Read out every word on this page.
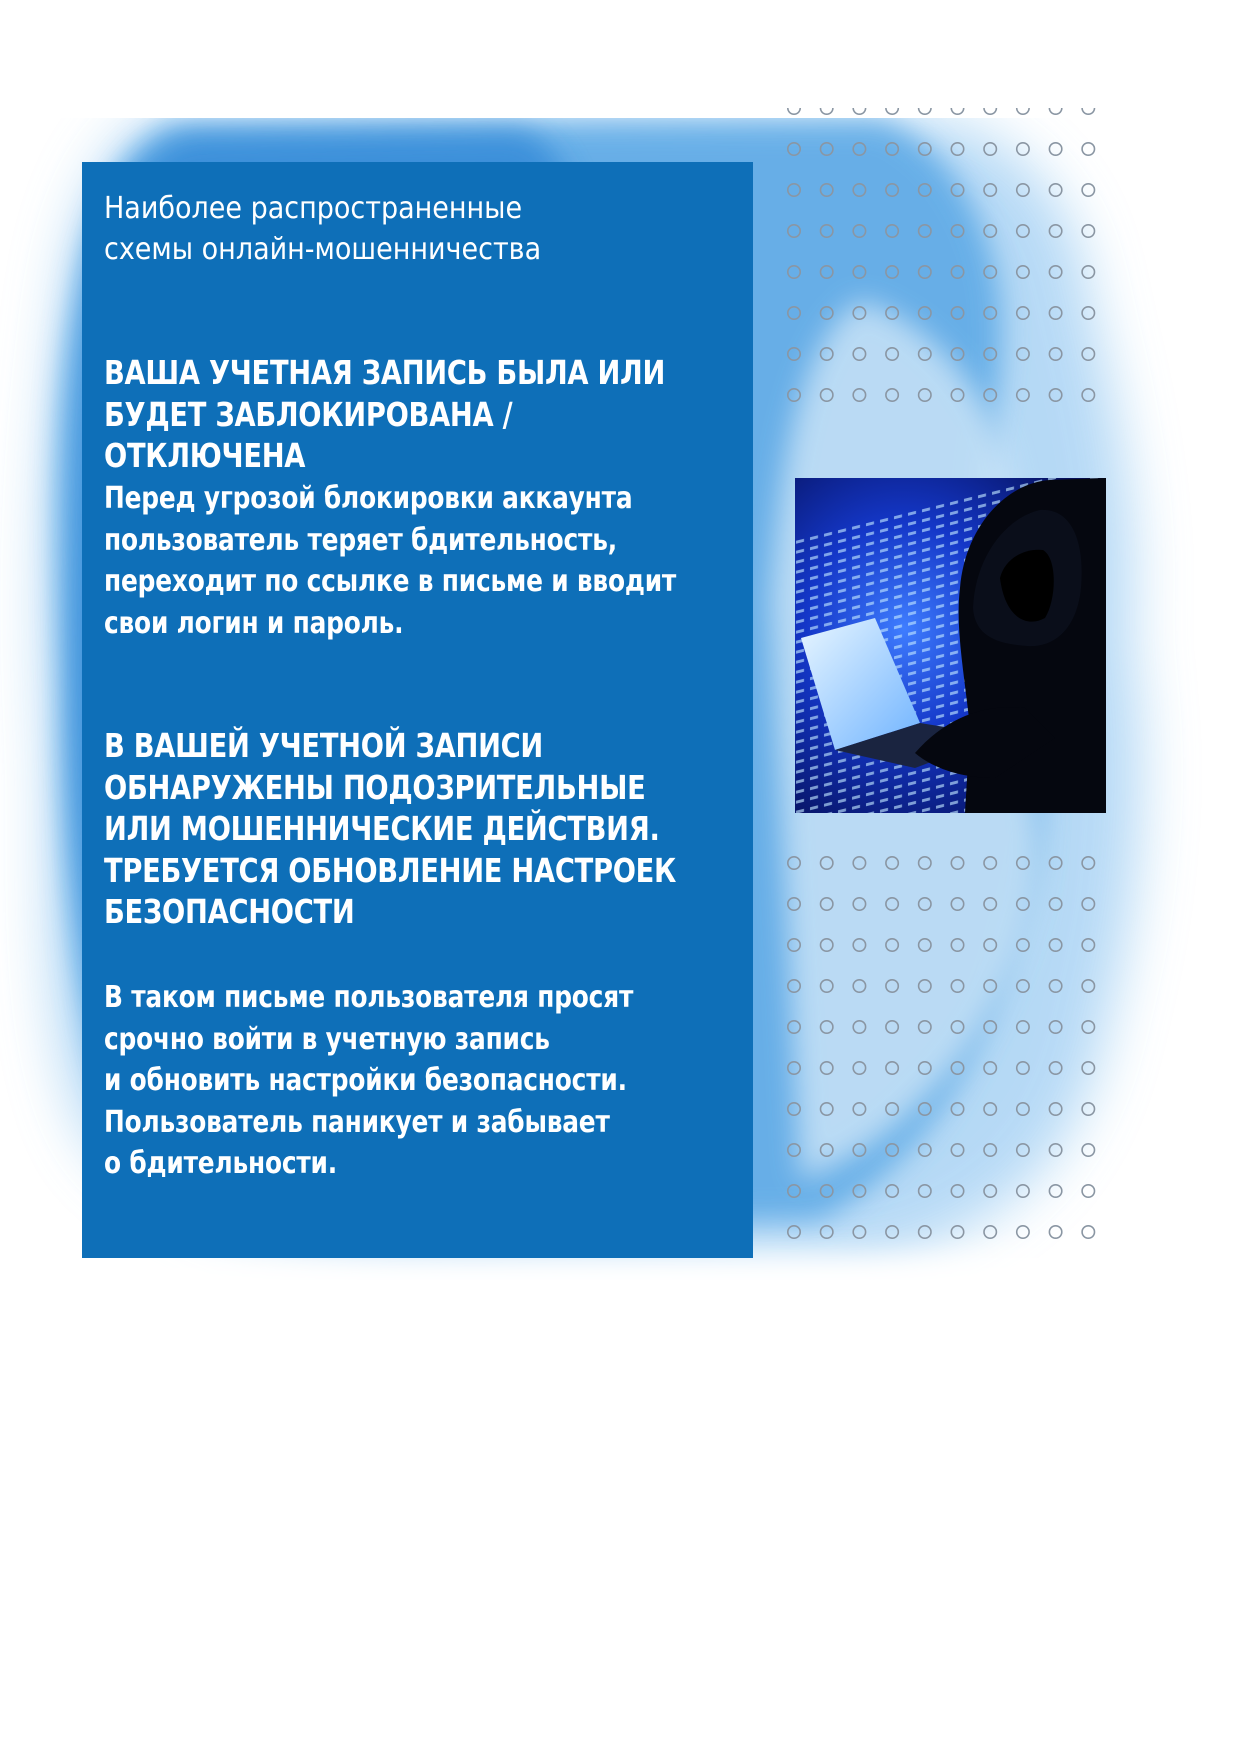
Наиболее распространенные
схемы онлайн-мошенничества

ВАША УЧЕТНАЯ ЗАПИСЬ БЫЛА ИЛИ
БУДЕТ ЗАБЛОКИРОВАНА / ОТКЛЮЧЕНА

Перед угрозой блокировки аккаунта
пользователь теряет бдительность,
переходит по ссылке в письме и вводит
свои логин и пароль.

В ВАШЕЙ УЧЕТНОЙ ЗАПИСИ
ОБНАРУЖЕНЫ ПОДОЗРИТЕЛЬНЫЕ
ИЛИ МОШЕННИЧЕСКИЕ ДЕЙСТВИЯ.
ТРЕБУЕТСЯ ОБНОВЛЕНИЕ НАСТРОЕК
БЕЗОПАСНОСТИ

В таком письме пользователя просят
срочно войти в учетную запись
и обновить настройки безопасности.
Пользователь паникует и забывает
о бдительности.
